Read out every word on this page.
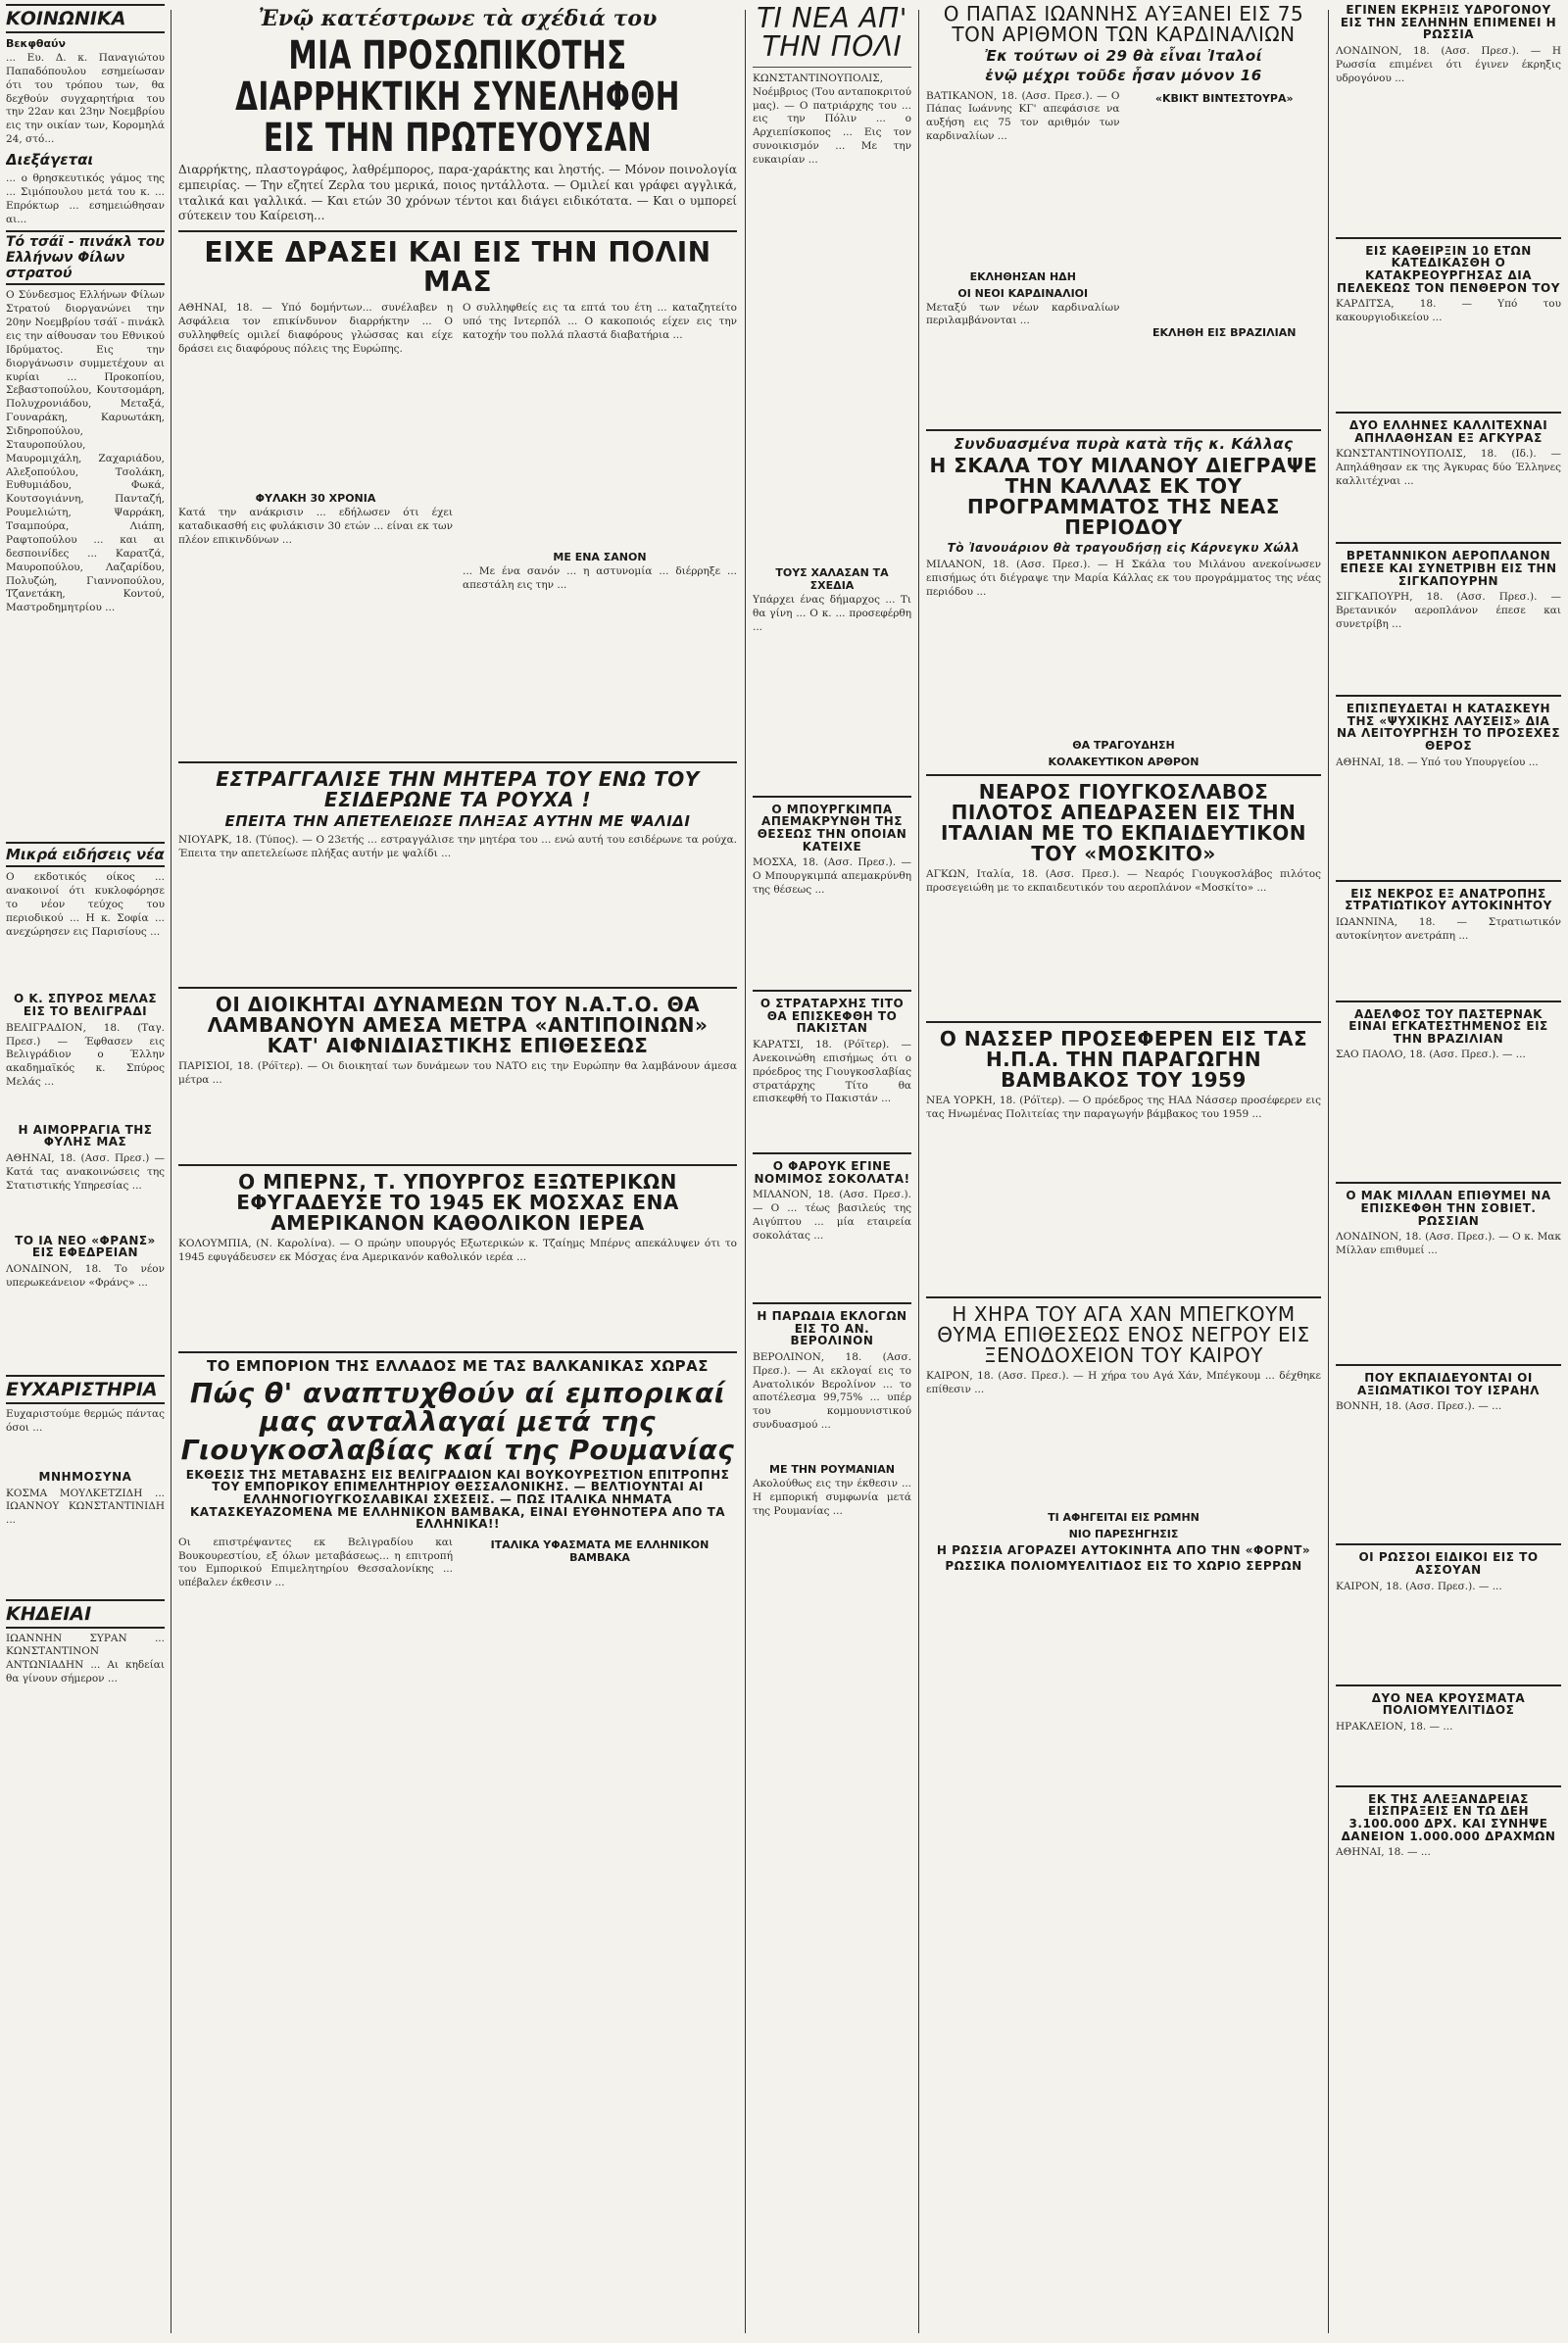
ΚΟΙΝΩΝΙΚΑ
Βεκφθαύν

... Ευ. Δ. κ. Παναγιώτου Παπαδόπουλου εσημείωσαν ότι του τρόπου των, θα δεχθούν συγχαρητήρια του την 22αν και 23ην Νοεμβρίου εις την οικίαν των, Κορομηλά 24, στό...

Διεξάγεται

... ο θρησκευτικός γάμος της ... Σιμόπουλου μετά του κ. ... Επρόκτωρ ... εσημειώθησαν αι...

Τό τσάϊ - πινάκλ του Ελλήνων Φίλων στρατού

Ο Σύνδεσμος Ελλήνων Φίλων Στρατού διοργανώνει την 20ην Νοεμβρίου τσάϊ - πινάκλ εις την αίθουσαν του Εθνικού Ιδρύματος. Εις την διοργάνωσιν συμμετέχουν αι κυρίαι ... Προκοπίου, Σεβαστοπούλου, Κουτσομάρη, Πολυχρονιάδου, Μεταξά, Γουναράκη, Καρυωτάκη, Σιδηροπούλου, Σταυροπούλου, Μαυρομιχάλη, Ζαχαριάδου, Αλεξοπούλου, Τσολάκη, Ευθυμιάδου, Φωκά, Κουτσογιάννη, Πανταζή, Ρουμελιώτη, Ψαρράκη, Τσαμπούρα, Λιάπη, Ραφτοπούλου ... και αι δεσποινίδες ... Καρατζά, Μαυροπούλου, Λαζαρίδου, Πολυζώη, Γιαννοπούλου, Τζανετάκη, Κοντού, Μαστροδημητρίου ...

Μικρά ειδήσεις νέα

Ο εκδοτικός οίκος ... ανακοινοί ότι κυκλοφόρησε το νέον τεύχος του περιοδικού ... Η κ. Σοφία ... ανεχώρησεν εις Παρισίους ...

Ο Κ. ΣΠΥΡΟΣ ΜΕΛΑΣ ΕΙΣ ΤΟ ΒΕΛΙΓΡΑΔΙ

ΒΕΛΙΓΡΑΔΙΟΝ, 18. (Ταγ. Πρεσ.) — Έφθασεν εις Βελιγράδιον ο Έλλην ακαδημαϊκός κ. Σπύρος Μελάς ...

Η ΑΙΜΟΡΡΑΓΙΑ ΤΗΣ ΦΥΛΗΣ ΜΑΣ

ΑΘΗΝΑΙ, 18. (Ασσ. Πρεσ.) — Κατά τας ανακοινώσεις της Στατιστικής Υπηρεσίας ...

ΤΟ ΙΑ ΝΕΟ «ΦΡΑΝΣ» ΕΙΣ ΕΦΕΔΡΕΙΑΝ

ΛΟΝΔΙΝΟΝ, 18. Το νέον υπερωκεάνειον «Φράνς» ...

ΕΥΧΑΡΙΣΤΗΡΙΑ

Ευχαριστούμε θερμώς πάντας όσοι ...

ΜΝΗΜΟΣΥΝΑ

ΚΟΣΜΑ ΜΟΥΛΚΕΤΖΙΔΗ ... ΙΩΑΝΝΟΥ ΚΩΝΣΤΑΝΤΙΝΙΔΗ ...

ΚΗΔΕΙΑΙ

ΙΩΑΝΝΗΝ ΣΥΡΑΝ ... ΚΩΝΣΤΑΝΤΙΝΟΝ ΑΝΤΩΝΙΑΔΗΝ ... Αι κηδείαι θα γίνουν σήμερον ...

Ἐνῷ κατέστρωνε τὰ σχέδιά του
ΜΙΑ ΠΡΟΣΩΠΙΚΟΤΗΣ ΔΙΑΡΡΗΚΤΙΚΗ ΣΥΝΕΛΗΦΘΗ ΕΙΣ ΤΗΝ ΠΡΩΤΕΥΟΥΣΑΝ

Διαρρήκτης, πλαστογράφος, λαθρέμπορος, παρα-χαράκτης και ληστής. — Μόνον ποινολογία εμπειρίας. — Την εζητεί Ζερλα του μερικά, ποιος ηντάλλοτα. — Ομιλεί και γράφει αγγλικά, ιταλικά και γαλλικά. — Και ετών 30 χρόνων τέντοι και διάγει ειδικότατα. — Και ο υμπορεί σύτεκειν του Καίρειση...

ΕΙΧΕ ΔΡΑΣΕΙ ΚΑΙ ΕΙΣ ΤΗΝ ΠΟΛΙΝ ΜΑΣ

ΑΘΗΝΑΙ, 18. — Υπό δομήντων... συνέλαβεν η Ασφάλεια τον επικίνδυνον διαρρήκτην ... Ο συλληφθείς ομιλεί διαφόρους γλώσσας και είχε δράσει εις διαφόρους πόλεις της Ευρώπης.

ΦΥΛΑΚΗ 30 ΧΡΟΝΙΑ

Κατά την ανάκρισιν ... εδήλωσεν ότι έχει καταδικασθή εις φυλάκισιν 30 ετών ... είναι εκ των πλέον επικινδύνων ...

Ο συλληφθείς εις τα επτά του έτη ... καταζητείτο υπό της Ιντερπόλ ... Ο κακοποιός είχεν εις την κατοχήν του πολλά πλαστά διαβατήρια ...

ΜΕ ΕΝΑ ΣΑΝΟΝ

... Με ένα σανόν ... η αστυνομία ... διέρρηξε ... απεστάλη εις την ...

ΕΣΤΡΑΓΓΑΛΙΣΕ ΤΗΝ ΜΗΤΕΡΑ ΤΟΥ ΕΝΩ ΤΟΥ ΕΣΙΔΕΡΩΝΕ ΤΑ ΡΟΥΧΑ !
ΕΠΕΙΤΑ ΤΗΝ ΑΠΕΤΕΛΕΙΩΣΕ ΠΛΗΞΑΣ ΑΥΤΗΝ ΜΕ ΨΑΛΙΔΙ

ΝΙΟΥΑΡΚ, 18. (Τύπος). — Ο 23ετής ... εστραγγάλισε την μητέρα του ... ενώ αυτή του εσιδέρωνε τα ρούχα. Έπειτα την απετελείωσε πλήξας αυτήν με ψαλίδι ...

ΟΙ ΔΙΟΙΚΗΤΑΙ ΔΥΝΑΜΕΩΝ ΤΟΥ Ν.Α.Τ.Ο. ΘΑ ΛΑΜΒΑΝΟΥΝ ΑΜΕΣΑ ΜΕΤΡΑ «ΑΝΤΙΠΟΙΝΩΝ» ΚΑΤ' ΑΙΦΝΙΔΙΑΣΤΙΚΗΣ ΕΠΙΘΕΣΕΩΣ

ΠΑΡΙΣΙΟΙ, 18. (Ρόϊτερ). — Οι διοικηταί των δυνάμεων του ΝΑΤΟ εις την Ευρώπην θα λαμβάνουν άμεσα μέτρα ...

Ο ΜΠΕΡΝΣ, Τ. ΥΠΟΥΡΓΟΣ ΕΞΩΤΕΡΙΚΩΝ ΕΦΥΓΑΔΕΥΣΕ ΤΟ 1945 ΕΚ ΜΟΣΧΑΣ ΕΝΑ ΑΜΕΡΙΚΑΝΟΝ ΚΑΘΟΛΙΚΟΝ ΙΕΡΕΑ

ΚΟΛΟΥΜΠΙΑ, (Ν. Καρολίνα). — Ο πρώην υπουργός Εξωτερικών κ. Τζαίημς Μπέρνς απεκάλυψεν ότι το 1945 εφυγάδευσεν εκ Μόσχας ένα Αμερικανόν καθολικόν ιερέα ...

ΤΟ ΕΜΠΟΡΙΟΝ ΤΗΣ ΕΛΛΑΔΟΣ ΜΕ ΤΑΣ ΒΑΛΚΑΝΙΚΑΣ ΧΩΡΑΣ
Πώς θ' αναπτυχθούν αί εμπορικαί μας ανταλλαγαί μετά της Γιουγκοσλαβίας καί της Ρουμανίας
ΕΚΘΕΣΙΣ ΤΗΣ ΜΕΤΑΒΑΣΗΣ ΕΙΣ ΒΕΛΙΓΡΑΔΙΟΝ ΚΑΙ ΒΟΥΚΟΥΡΕΣΤΙΟΝ ΕΠΙΤΡΟΠΗΣ ΤΟΥ ΕΜΠΟΡΙΚΟΥ ΕΠΙΜΕΛΗΤΗΡΙΟΥ ΘΕΣΣΑΛΟΝΙΚΗΣ. — ΒΕΛΤΙΟΥΝΤΑΙ ΑΙ ΕΛΛΗΝΟΓΙΟΥΓΚΟΣΛΑΒΙΚΑΙ ΣΧΕΣΕΙΣ. — ΠΩΣ ΙΤΑΛΙΚΑ ΝΗΜΑΤΑ ΚΑΤΑΣΚΕΥΑΖΟΜΕΝΑ ΜΕ ΕΛΛΗΝΙΚΟΝ ΒΑΜΒΑΚΑ, ΕΙΝΑΙ ΕΥΘΗΝΟΤΕΡΑ ΑΠΟ ΤΑ ΕΛΛΗΝΙΚΑ!!

Οι επιστρέψαντες εκ Βελιγραδίου και Βουκουρεστίου, εξ όλων μεταβάσεως... η επιτροπή του Εμπορικού Επιμελητηρίου Θεσσαλονίκης ... υπέβαλεν έκθεσιν ...

ΙΤΑΛΙΚΑ ΥΦΑΣΜΑΤΑ ΜΕ ΕΛΛΗΝΙΚΟΝ ΒΑΜΒΑΚΑ
ΤΙ ΝΕΑ ΑΠ' ΤΗΝ ΠΟΛΙ

ΚΩΝΣΤΑΝΤΙΝΟΥΠΟΛΙΣ, Νοέμβριος (Του ανταποκριτού μας). — Ο πατριάρχης του ... εις την Πόλιν ... ο Αρχιεπίσκοπος ... Εις τον συνοικισμόν ... Με την ευκαιρίαν ...

ΤΟΥΣ ΧΑΛΑΣΑΝ ΤΑ ΣΧΕΔΙΑ

Υπάρχει ένας δήμαρχος ... Τι θα γίνη ... Ο κ. ... προσεφέρθη ...

Ο ΜΠΟΥΡΓΚΙΜΠΑ ΑΠΕΜΑΚΡΥΝΘΗ ΤΗΣ ΘΕΣΕΩΣ ΤΗΝ ΟΠΟΙΑΝ ΚΑΤΕΙΧΕ

ΜΟΣΧΑ, 18. (Ασσ. Πρεσ.). — Ο Μπουργκιμπά απεμακρύνθη της θέσεως ...

Ο ΣΤΡΑΤΑΡΧΗΣ ΤΙΤΟ ΘΑ ΕΠΙΣΚΕΦΘΗ ΤΟ ΠΑΚΙΣΤΑΝ

ΚΑΡΑΤΣΙ, 18. (Ρόϊτερ). — Ανεκοινώθη επισήμως ότι ο πρόεδρος της Γιουγκοσλαβίας στρατάρχης Τίτο θα επισκεφθή το Πακιστάν ...

Ο ΦΑΡΟΥΚ ΕΓΙΝΕ ΝΟΜΙΜΟΣ ΣΟΚΟΛΑΤΑ!

ΜΙΛΑΝΟΝ, 18. (Ασσ. Πρεσ.). — Ο ... τέως βασιλεύς της Αιγύπτου ... μία εταιρεία σοκολάτας ...

Η ΠΑΡΩΔΙΑ ΕΚΛΟΓΩΝ ΕΙΣ ΤΟ ΑΝ. ΒΕΡΟΛΙΝΟΝ

ΒΕΡΟΛΙΝΟΝ, 18. (Ασσ. Πρεσ.). — Αι εκλογαί εις το Ανατολικόν Βερολίνον ... το αποτέλεσμα 99,75% ... υπέρ του κομμουνιστικού συνδυασμού ...

ΜΕ ΤΗΝ ΡΟΥΜΑΝΙΑΝ

Ακολούθως εις την έκθεσιν ... Η εμπορική συμφωνία μετά της Ρουμανίας ...

Ο ΠΑΠΑΣ ΙΩΑΝΝΗΣ ΑΥΞΑΝΕΙ ΕΙΣ 75 ΤΟΝ ΑΡΙΘΜΟΝ ΤΩΝ ΚΑΡΔΙΝΑΛΙΩΝ
Ἐκ τούτων οἱ 29 θὰ εἶναι Ἰταλοί
ἐνῷ μέχρι τοῦδε ἦσαν μόνον 16

ΒΑΤΙΚΑΝΟΝ, 18. (Ασσ. Πρεσ.). — Ο Πάπας Ιωάννης ΚΓ' απεφάσισε να αυξήση εις 75 τον αριθμόν των καρδιναλίων ...

ΕΚΛΗΘΗΣΑΝ ΗΔΗ
ΟΙ ΝΕΟΙ ΚΑΡΔΙΝΑΛΙΟΙ

Μεταξύ των νέων καρδιναλίων περιλαμβάνονται ...

«ΚΒΙΚΤ ΒΙΝΤΕΣΤΟΥΡΑ»
ΕΚΛΗΘΗ ΕΙΣ ΒΡΑΖΙΛΙΑΝ
Συνδυασμένα πυρὰ κατὰ τῆς κ. Κάλλας
Η ΣΚΑΛΑ ΤΟΥ ΜΙΛΑΝΟΥ ΔΙΕΓΡΑΨΕ ΤΗΝ ΚΑΛΛΑΣ ΕΚ ΤΟΥ ΠΡΟΓΡΑΜΜΑΤΟΣ ΤΗΣ ΝΕΑΣ ΠΕΡΙΟΔΟΥ
Τὸ Ἰανουάριον θὰ τραγουδήσῃ εἰς Κάρνεγκυ Χώλλ

ΜΙΛΑΝΟΝ, 18. (Ασσ. Πρεσ.). — Η Σκάλα του Μιλάνου ανεκοίνωσεν επισήμως ότι διέγραψε την Μαρία Κάλλας εκ του προγράμματος της νέας περιόδου ...

ΘΑ ΤΡΑΓΟΥΔΗΣΗ
ΚΟΛΑΚΕΥΤΙΚΟΝ ΑΡΘΡΟΝ
ΝΕΑΡΟΣ ΓΙΟΥΓΚΟΣΛΑΒΟΣ ΠΙΛΟΤΟΣ ΑΠΕΔΡΑΣΕΝ ΕΙΣ ΤΗΝ ΙΤΑΛΙΑΝ ΜΕ ΤΟ ΕΚΠΑΙΔΕΥΤΙΚΟΝ ΤΟΥ «ΜΟΣΚΙΤΟ»

ΑΓΚΩΝ, Ιταλία, 18. (Ασσ. Πρεσ.). — Νεαρός Γιουγκοσλάβος πιλότος προσεγειώθη με το εκπαιδευτικόν του αεροπλάνον «Μοσκίτο» ...

Ο ΝΑΣΣΕΡ ΠΡΟΣΕΦΕΡΕΝ ΕΙΣ ΤΑΣ Η.Π.Α. ΤΗΝ ΠΑΡΑΓΩΓΗΝ ΒΑΜΒΑΚΟΣ ΤΟΥ 1959

ΝΕΑ ΥΟΡΚΗ, 18. (Ρόϊτερ). — Ο πρόεδρος της ΗΑΔ Νάσσερ προσέφερεν εις τας Ηνωμένας Πολιτείας την παραγωγήν βάμβακος του 1959 ...

Η ΧΗΡΑ ΤΟΥ ΑΓΑ ΧΑΝ ΜΠΕΓΚΟΥΜ ΘΥΜΑ ΕΠΙΘΕΣΕΩΣ ΕΝΟΣ ΝΕΓΡΟΥ ΕΙΣ ΞΕΝΟΔΟΧΕΙΟΝ ΤΟΥ ΚΑΙΡΟΥ

ΚΑΙΡΟΝ, 18. (Ασσ. Πρεσ.). — Η χήρα του Αγά Χάν, Μπέγκουμ ... δέχθηκε επίθεσιν ...

ΤΙ ΑΦΗΓΕΙΤΑΙ ΕΙΣ ΡΩΜΗΝ
ΝΙΟ ΠΑΡΕΣΗΓΗΣΙΣ
Η ΡΩΣΣΙΑ ΑΓΟΡΑΖΕΙ ΑΥΤΟΚΙΝΗΤΑ ΑΠΟ ΤΗΝ «ΦΟΡΝΤ»
ΡΩΣΣΙΚΑ ΠΟΛΙΟΜΥΕΛΙΤΙΔΟΣ ΕΙΣ ΤΟ ΧΩΡΙΟ ΣΕΡΡΩΝ
ΕΓΙΝΕΝ ΕΚΡΗΞΙΣ ΥΔΡΟΓΟΝΟΥ ΕΙΣ ΤΗΝ ΣΕΛΗΝΗΝ ΕΠΙΜΕΝΕΙ Η ΡΩΣΣΙΑ

ΛΟΝΔΙΝΟΝ, 18. (Ασσ. Πρεσ.). — Η Ρωσσία επιμένει ότι έγινεν έκρηξις υδρογόνου ...

ΕΙΣ ΚΑΘΕΙΡΞΙΝ 10 ΕΤΩΝ ΚΑΤΕΔΙΚΑΣΘΗ Ο ΚΑΤΑΚΡΕΟΥΡΓΗΣΑΣ ΔΙΑ ΠΕΛΕΚΕΩΣ ΤΟΝ ΠΕΝΘΕΡΟΝ ΤΟΥ

ΚΑΡΔΙΤΣΑ, 18. — Υπό του κακουργιοδικείου ...

ΔΥΟ ΕΛΛΗΝΕΣ ΚΑΛΛΙΤΕΧΝΑΙ ΑΠΗΛΑΘΗΣΑΝ ΕΞ ΑΓΚΥΡΑΣ

ΚΩΝΣΤΑΝΤΙΝΟΥΠΟΛΙΣ, 18. (Ιδ.). — Απηλάθησαν εκ της Άγκυρας δύο Έλληνες καλλιτέχναι ...

ΒΡΕΤΑΝΝΙΚΟΝ ΑΕΡΟΠΛΑΝΟΝ ΕΠΕΣΕ ΚΑΙ ΣΥΝΕΤΡΙΒΗ ΕΙΣ ΤΗΝ ΣΙΓΚΑΠΟΥΡΗΝ

ΣΙΓΚΑΠΟΥΡΗ, 18. (Ασσ. Πρεσ.). — Βρετανικόν αεροπλάνον έπεσε και συνετρίβη ...

ΕΠΙΣΠΕΥΔΕΤΑΙ Η ΚΑΤΑΣΚΕΥΗ ΤΗΣ «ΨΥΧΙΚΗΣ ΛΑΥΣΕΙΣ» ΔΙΑ ΝΑ ΛΕΙΤΟΥΡΓΗΣΗ ΤΟ ΠΡΟΣΕΧΕΣ ΘΕΡΟΣ

ΑΘΗΝΑΙ, 18. — Υπό του Υπουργείου ...

ΕΙΣ ΝΕΚΡΟΣ ΕΞ ΑΝΑΤΡΟΠΗΣ ΣΤΡΑΤΙΩΤΙΚΟΥ ΑΥΤΟΚΙΝΗΤΟΥ

ΙΩΑΝΝΙΝΑ, 18. — Στρατιωτικόν αυτοκίνητον ανετράπη ...

ΑΔΕΛΦΟΣ ΤΟΥ ΠΑΣΤΕΡΝΑΚ ΕΙΝΑΙ ΕΓΚΑΤΕΣΤΗΜΕΝΟΣ ΕΙΣ ΤΗΝ ΒΡΑΖΙΛΙΑΝ

ΣΑΟ ΠΑΟΛΟ, 18. (Ασσ. Πρεσ.). — ...

Ο ΜΑΚ ΜΙΛΛΑΝ ΕΠΙΘΥΜΕΙ ΝΑ ΕΠΙΣΚΕΦΘΗ ΤΗΝ ΣΟΒΙΕΤ. ΡΩΣΣΙΑΝ

ΛΟΝΔΙΝΟΝ, 18. (Ασσ. Πρεσ.). — Ο κ. Μακ Μίλλαν επιθυμεί ...

ΠΟΥ ΕΚΠΑΙΔΕΥΟΝΤΑΙ ΟΙ ΑΞΙΩΜΑΤΙΚΟΙ ΤΟΥ ΙΣΡΑΗΛ

ΒΟΝΝΗ, 18. (Ασσ. Πρεσ.). — ...

ΟΙ ΡΩΣΣΟΙ ΕΙΔΙΚΟΙ ΕΙΣ ΤΟ ΑΣΣΟΥΑΝ

ΚΑΙΡΟΝ, 18. (Ασσ. Πρεσ.). — ...

ΔΥΟ ΝΕΑ ΚΡΟΥΣΜΑΤΑ ΠΟΛΙΟΜΥΕΛΙΤΙΔΟΣ

ΗΡΑΚΛΕΙΟΝ, 18. — ...

ΕΚ ΤΗΣ ΑΛΕΞΑΝΔΡΕΙΑΣ ΕΙΣΠΡΑΞΕΙΣ ΕΝ ΤΩ ΔΕΗ 3.100.000 ΔΡΧ. ΚΑΙ ΣΥΝΗΨΕ ΔΑΝΕΙΟΝ 1.000.000 ΔΡΑΧΜΩΝ

ΑΘΗΝΑΙ, 18. — ...
